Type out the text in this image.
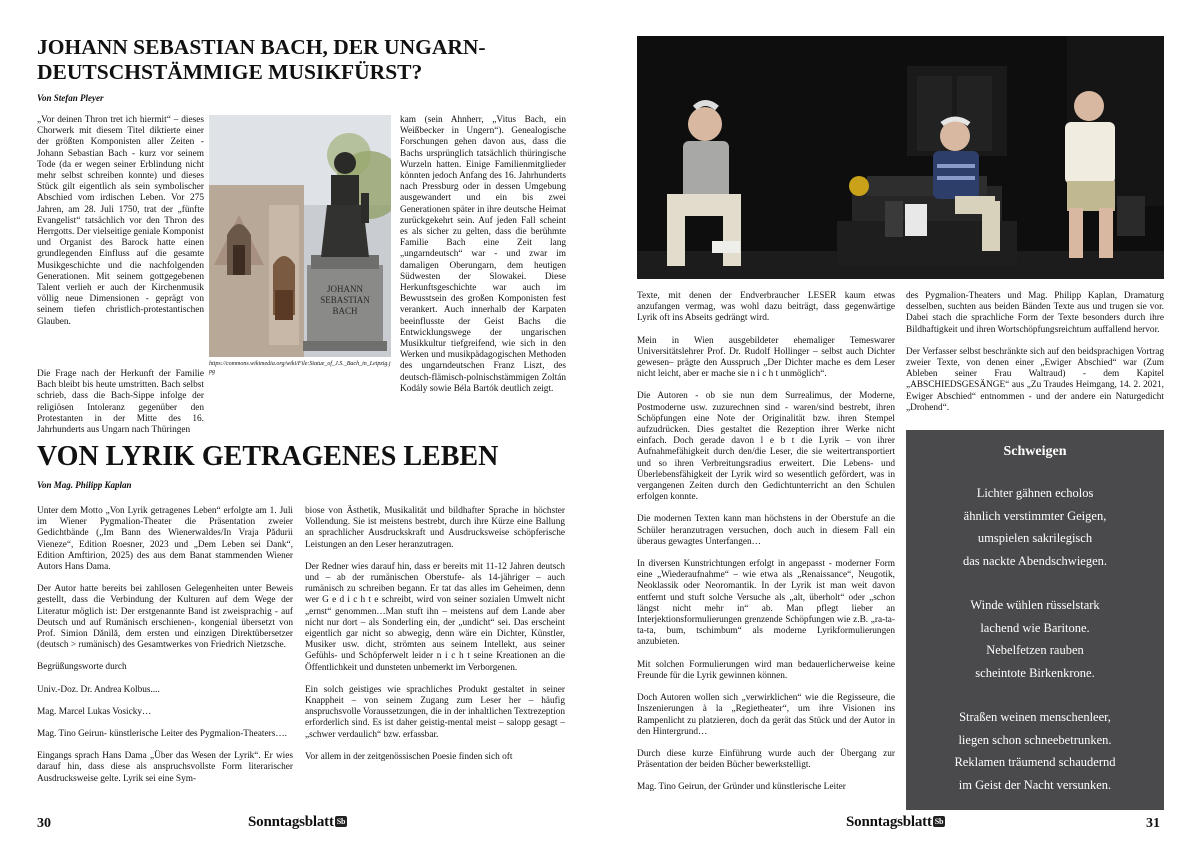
JOHANN SEBASTIAN BACH, DER UNGARN-
DEUTSCHSTÄMMIGE MUSIKFÜRST?
Von Stefan Pleyer

„Vor deinen Thron tret ich hiermit“ – dieses Chorwerk mit diesem Titel diktierte einer der größten Komponisten aller Zeiten - Johann Sebastian Bach - kurz vor seinem Tode (da er wegen seiner Erblindung nicht mehr selbst schreiben konnte) und dieses Stück gilt eigentlich als sein symbolischer Abschied vom irdischen Leben. Vor 275 Jahren, am 28. Juli 1750, trat der „fünfte Evangelist“ tatsächlich vor den Thron des Herrgotts. Der vielseitige geniale Komponist und Organist des Barock hatte einen grundlegenden Einfluss auf die gesamte Musikgeschichte und die nachfolgenden Generationen. Mit seinem gottgegebenen Talent verlieh er auch der Kirchenmusik völlig neue Dimensionen - geprägt von seinem tiefen christlich-protestantischen Glauben.

JOHANN
SEBASTIAN
BACH
https://commons.wikimedia.org/wiki/File:Statue_of_J.S._Bach_in_Leipzig.jpg

Die Frage nach der Herkunft der Familie Bach bleibt bis heute umstritten. Bach selbst schrieb, dass die Bach-Sippe infolge der religiösen Intoleranz gegenüber den Protestanten in der Mitte des 16. Jahrhunderts aus Ungarn nach Thüringen

kam (sein Ahnherr, „Vitus Bach, ein Weißbecker in Ungern“). Genealogische Forschungen gehen davon aus, dass die Bachs ursprünglich tatsächlich thüringische Wurzeln hatten. Einige Familienmitglieder könnten jedoch Anfang des 16. Jahrhunderts nach Pressburg oder in dessen Umgebung ausgewandert und ein bis zwei Generationen später in ihre deutsche Heimat zurückgekehrt sein. Auf jeden Fall scheint es als sicher zu gelten, dass die berühmte Familie Bach eine Zeit lang „ungarndeutsch“ war - und zwar im damaligen Oberungarn, dem heutigen Südwesten der Slowakei. Diese Herkunftsgeschichte war auch im Bewusstsein des großen Komponisten fest verankert. Auch innerhalb der Karpaten beeinflusste der Geist Bachs die Entwicklungswege der ungarischen Musikkultur tiefgreifend, wie sich in den Werken und musikpädagogischen Methoden des ungarndeutschen Franz Liszt, des deutsch-flämisch-polnischstämmigen Zoltán Kodály sowie Béla Bartók deutlich zeigt.

VON LYRIK GETRAGENES LEBEN
Von Mag. Philipp Kaplan

Unter dem Motto „Von Lyrik getragenes Leben“ erfolgte am 1. Juli im Wiener Pygmalion-Theater die Präsentation zweier Gedichtbände („Im Bann des Wienerwaldes/In Vraja Pădurii Vieneze“, Edition Roesner, 2023 und „Dem Leben sei Dank“, Edition Amftirion, 2025) des aus dem Banat stammenden Wiener Autors Hans Dama.

Der Autor hatte bereits bei zahllosen Gelegenheiten unter Beweis gestellt, dass die Verbindung der Kulturen auf dem Wege der Literatur möglich ist: Der erstgenannte Band ist zweisprachig - auf Deutsch und auf Rumänisch erschienen-, kongenial übersetzt von Prof. Simion Dănilă, dem ersten und einzigen Direktübersetzer (deutsch > rumänisch) des Gesamtwerkes von Friedrich Nietzsche.

Begrüßungsworte durch

Univ.-Doz. Dr. Andrea Kolbus....

Mag. Marcel Lukas Vosicky…

Mag. Tino Geirun- künstlerische Leiter des Pygmalion-Theaters….

Eingangs sprach Hans Dama „Über das Wesen der Lyrik“. Er wies darauf hin, dass diese als anspruchsvollste Form literarischer Ausdrucksweise gelte. Lyrik sei eine Sym-

biose von Ästhetik, Musikalität und bildhafter Sprache in höchster Vollendung. Sie ist meistens bestrebt, durch ihre Kürze eine Ballung an sprachlicher Ausdruckskraft und Ausdrucksweise schöpferische Leistungen an den Leser heranzutragen.

Der Redner wies darauf hin, dass er bereits mit 11-12 Jahren deutsch und – ab der rumänischen Oberstufe- als 14-jähriger – auch rumänisch zu schreiben begann. Er tat das alles im Geheimen, denn wer G e d i c h t e schreibt, wird von seiner sozialen Umwelt nicht „ernst“ genommen…Man stuft ihn – meistens auf dem Lande aber nicht nur dort – als Sonderling ein, der „undicht“ sei. Das erscheint eigentlich gar nicht so abwegig, denn wäre ein Dichter, Künstler, Musiker usw. dicht, strömten aus seinem Intellekt, aus seiner Gefühls- und Schöpferwelt leider n i c h t seine Kreationen an die Öffentlichkeit und dunsteten unbemerkt im Verborgenen.

Ein solch geistiges wie sprachliches Produkt gestaltet in seiner Knappheit – von seinem Zugang zum Leser her – häufig anspruchsvolle Voraussetzungen, die in der inhaltlichen Textrezeption erforderlich sind. Es ist daher geistig-mental meist – salopp gesagt – „schwer verdaulich“ bzw. erfassbar.

Vor allem in der zeitgenössischen Poesie finden sich oft

30	Sonntagsblatt Sb

Texte, mit denen der Endverbraucher LESER kaum etwas anzufangen vermag, was wohl dazu beiträgt, dass gegenwärtige Lyrik oft ins Abseits gedrängt wird.

Mein in Wien ausgebildeter ehemaliger Temeswarer Universitätslehrer Prof. Dr. Rudolf Hollinger – selbst auch Dichter gewesen– prägte den Ausspruch „Der Dichter mache es dem Leser nicht leicht, aber er mache sie n i c h t unmöglich“.

Die Autoren - ob sie nun dem Surrealimus, der Moderne, Postmoderne usw. zuzurechnen sind - waren/sind bestrebt, ihren Schöpfungen eine Note der Originalität bzw. ihren Stempel aufzudrücken. Dies gestaltet die Rezeption ihrer Werke nicht einfach. Doch gerade davon l e b t die Lyrik – von ihrer Aufnahmefähigkeit durch den/die Leser, die sie weitertransportiert und so ihren Verbreitungsradius erweitert. Die Lebens- und Überlebensfähigkeit der Lyrik wird so wesentlich gefördert, was in vergangenen Zeiten durch den Gedichtunterricht an den Schulen erfolgen konnte.

Die modernen Texten kann man höchstens in der Oberstufe an die Schüler heranzutragen versuchen, doch auch in diesem Fall ein überaus gewagtes Unterfangen…

In diversen Kunstrichtungen erfolgt in angepasst - moderner Form eine „Wiederaufnahme“ – wie etwa als „Renaissance“, Neugotik, Neoklassik oder Neoromantik. In der Lyrik ist man weit davon entfernt und stuft solche Versuche als „alt, überholt“ oder „schon längst nicht mehr in“ ab. Man pflegt lieber an Interjektionsformulierungen grenzende Schöpfungen wie z.B. „ra-ta-ta-ta, bum, tschimbum“ als moderne Lyrikformulierungen anzubieten.

Mit solchen Formulierungen wird man bedauerlicherweise keine Freunde für die Lyrik gewinnen können.

Doch Autoren wollen sich „verwirklichen“ wie die Regisseure, die Inszenierungen à la „Regietheater“, um ihre Visionen ins Rampenlicht zu platzieren, doch da gerät das Stück und der Autor in den Hintergrund…

Durch diese kurze Einführung wurde auch der Übergang zur Präsentation der beiden Bücher bewerkstelligt.

Mag. Tino Geirun, der Gründer und künstlerische Leiter

des Pygmalion-Theaters und Mag. Philipp Kaplan, Dramaturg desselben, suchten aus beiden Bänden Texte aus und trugen sie vor. Dabei stach die sprachliche Form der Texte besonders durch ihre Bildhaftigkeit und ihren Wortschöpfungsreichtum auffallend hervor.

Der Verfasser selbst beschränkte sich auf den beidsprachigen Vortrag zweier Texte, von denen einer „Ewiger Abschied“ war (Zum Ableben seiner Frau Waltraud) - dem Kapitel „ABSCHIEDSGESÄNGE“ aus „Zu Traudes Heimgang, 14. 2. 2021, Ewiger Abschied“ entnommen - und der andere ein Naturgedicht „Drohend“.

Schweigen
Lichter gähnen echolos
ähnlich verstimmter Geigen,
umspielen sakrilegisch
das nackte Abendschwiegen.
Winde wühlen rüsselstark
lachend wie Baritone.
Nebelfetzen rauben
scheintote Birkenkrone.
Straßen weinen menschenleer,
liegen schon schneebetrunken.
Reklamen träumend schaudernd
im Geist der Nacht versunken.
Sonntagsblatt Sb	31
